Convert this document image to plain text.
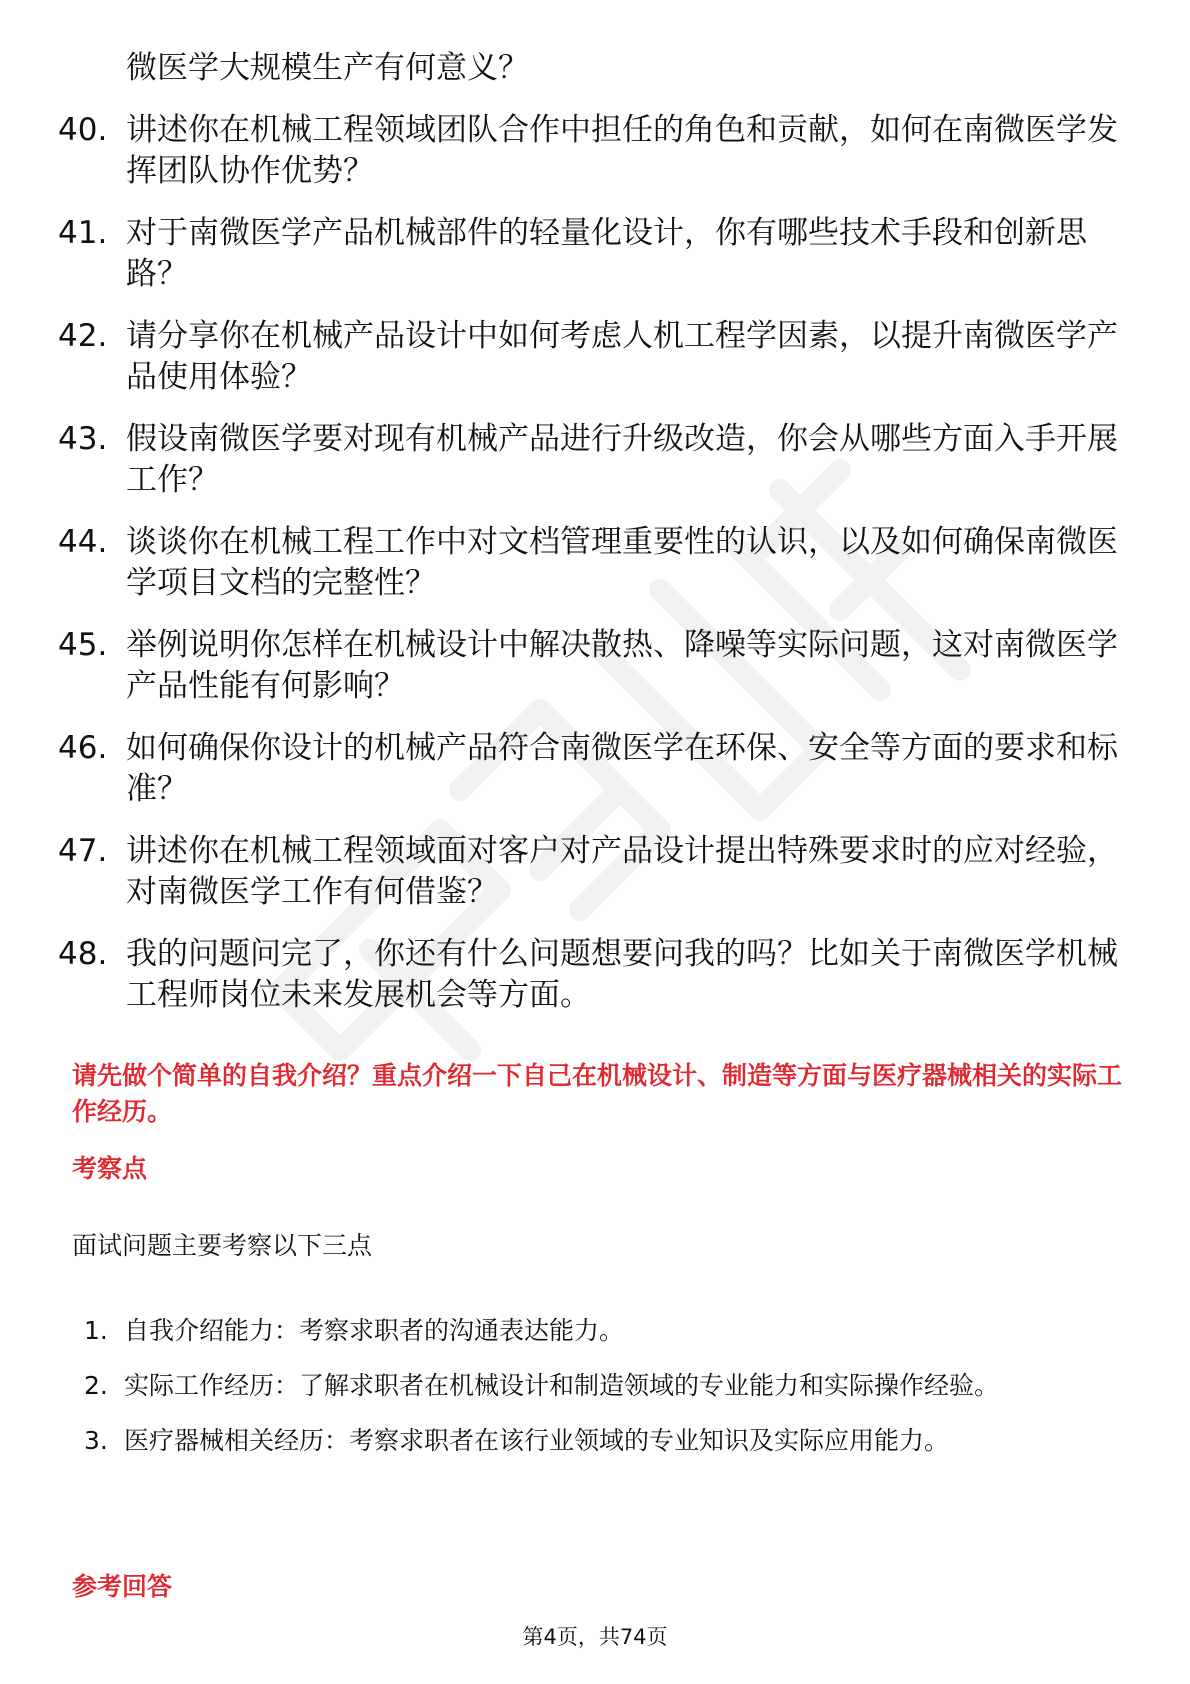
微医学大规模生产有何意义？
40. 讲述你在机械工程领域团队合作中担任的角色和贡献，如何在南微医学发挥团队协作优势？
41. 对于南微医学产品机械部件的轻量化设计，你有哪些技术手段和创新思路？
42. 请分享你在机械产品设计中如何考虑人机工程学因素，以提升南微医学产品使用体验？
43. 假设南微医学要对现有机械产品进行升级改造，你会从哪些方面入手开展工作？
44. 谈谈你在机械工程工作中对文档管理重要性的认识，以及如何确保南微医学项目文档的完整性？
45. 举例说明你怎样在机械设计中解决散热、降噪等实际问题，这对南微医学产品性能有何影响？
46. 如何确保你设计的机械产品符合南微医学在环保、安全等方面的要求和标准？
47. 讲述你在机械工程领域面对客户对产品设计提出特殊要求时的应对经验，对南微医学工作有何借鉴？
48. 我的问题问完了，你还有什么问题想要问我的吗？比如关于南微医学机械工程师岗位未来发展机会等方面。
请先做个简单的自我介绍？重点介绍一下自己在机械设计、制造等方面与医疗器械相关的实际工作经历。
考察点
面试问题主要考察以下三点
1. 自我介绍能力：考察求职者的沟通表达能力。
2. 实际工作经历：了解求职者在机械设计和制造领域的专业能力和实际操作经验。
3. 医疗器械相关经历：考察求职者在该行业领域的专业知识及实际应用能力。
参考回答
第4页，共74页
